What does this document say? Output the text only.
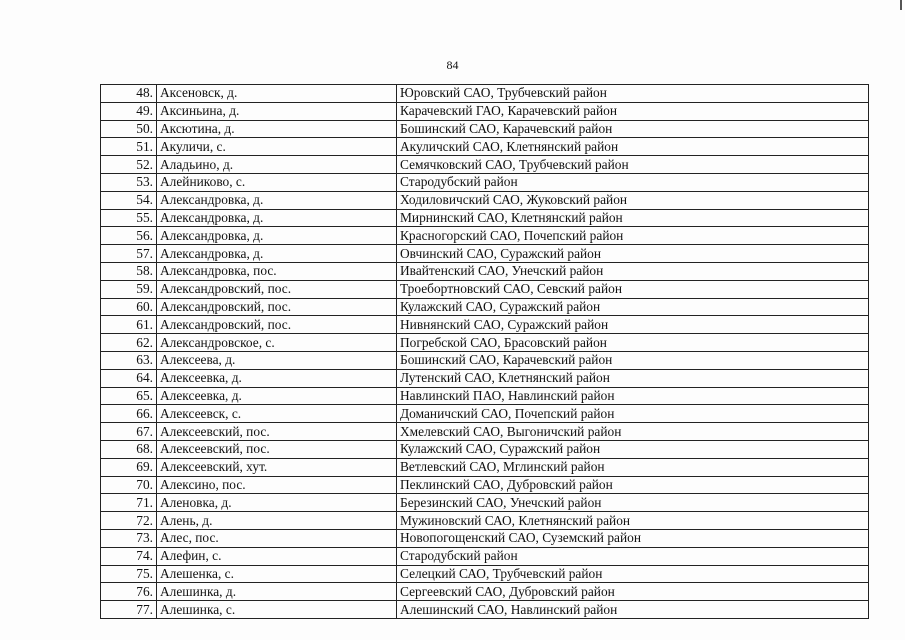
84
48.	Аксеновск, д.	Юровский САО, Трубчевский район
49.	Аксиньина, д.	Карачевский ГАО, Карачевский район
50.	Аксютина, д.	Бошинский САО, Карачевский район
51.	Акуличи, с.	Акуличский САО, Клетнянский район
52.	Аладьино, д.	Семячковский САО, Трубчевский район
53.	Алейниково, с.	Стародубский район
54.	Александровка, д.	Ходиловичский САО, Жуковский район
55.	Александровка, д.	Мирнинский САО, Клетнянский район
56.	Александровка, д.	Красногорский САО, Почепский район
57.	Александровка, д.	Овчинский САО, Суражский район
58.	Александровка, пос.	Ивайтенский САО, Унечский район
59.	Александровский, пос.	Троебортновский САО, Севский район
60.	Александровский, пос.	Кулажский САО, Суражский район
61.	Александровский, пос.	Нивнянский САО, Суражский район
62.	Александровское, с.	Погребской САО, Брасовский район
63.	Алексеева, д.	Бошинский САО, Карачевский район
64.	Алексеевка, д.	Лутенский САО, Клетнянский район
65.	Алексеевка, д.	Навлинский ПАО, Навлинский район
66.	Алексеевск, с.	Доманичский САО, Почепский район
67.	Алексеевский, пос.	Хмелевский САО, Выгоничский район
68.	Алексеевский, пос.	Кулажский САО, Суражский район
69.	Алексеевский, хут.	Ветлевский САО, Мглинский район
70.	Алексино, пос.	Пеклинский САО, Дубровский район
71.	Аленовка, д.	Березинский САО, Унечский район
72.	Алень, д.	Мужиновский САО, Клетнянский район
73.	Алес, пос.	Новопогощенский САО, Суземский район
74.	Алефин, с.	Стародубский район
75.	Алешенка, с.	Селецкий САО, Трубчевский район
76.	Алешинка, д.	Сергеевский САО, Дубровский район
77.	Алешинка, с.	Алешинский САО, Навлинский район
